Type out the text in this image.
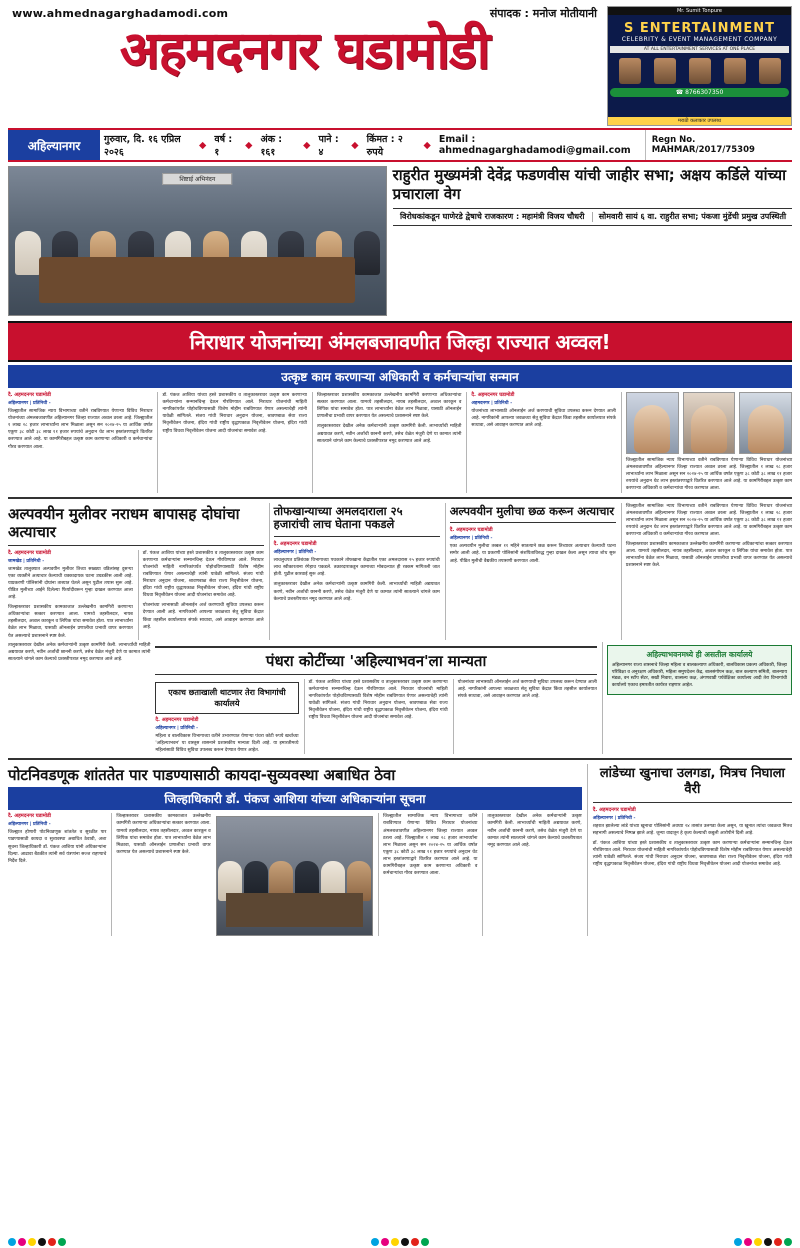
www.ahmednagarghadamodi.com	संपादक : मनोज मोतीयानी
अहमदनगर घडामोडी
Mr. Sumit Tonpure
S ENTERTAINMENT
CELEBRITY & EVENT MANAGEMENT COMPANY
AT ALL ENTERTAINMENT SERVICES AT ONE PLACE
☎ 8766307350
मराठी कलाकार उपलब्ध
अहिल्यानगर	गुरुवार, दि. १६ एप्रिल २०२६
◆ वर्ष : १
◆ अंक : १६१
◆ पाने : ४
◆ किंमत : २ रुपये
◆ Email : ahmednagarghadamodi@gmail.com
Regn No. MAHMAR/2017/75309
शिष्टाई अभिनंदन	राहुरीत मुख्यमंत्री देवेंद्र फडणवीस यांची जाहीर सभा; अक्षय कर्डिले यांच्या प्रचाराला वेग
विरोधकांकडून घाणेरडे द्वेषाचे राजकारण : महामंत्री विजय चौधरी	सोमवारी सायं ६ वा. राहुरीत सभा; पंकजा मुंडेंची प्रमुख उपस्थिती
निराधार योजनांच्या अंमलबजावणीत जिल्हा राज्यात अव्वल!
उत्कृष्ट काम करणाऱ्या अधिकारी व कर्मचाऱ्यांचा सन्मान
दै. अहमदनगर घडामोडी
अहिल्यानगर | प्रतिनिधी -
जिल्ह्यातील सामाजिक न्याय विभागाच्या वतीने राबविण्यात येणाऱ्या विविध निराधार योजनांच्या अंमलबजावणीत अहिल्यानगर जिल्हा राज्यात अव्वल ठरला आहे. जिल्ह्यातील १ लाख २८ हजार लाभार्थ्यांना लाभ मिळाला असून सन २०२४-२५ या आर्थिक वर्षात एकूण ३८ कोटी ३८ लाख ११ हजार रुपयांचे अनुदान थेट लाभ हस्तांतरणाद्वारे वितरित करण्यात आले आहे. या कामगिरीबद्दल उत्कृष्ट काम करणाऱ्या अधिकारी व कर्मचाऱ्यांचा गौरव करण्यात आला.
डॉ. पंकज आशिया यांच्या हस्ते प्रशासकीय व तालुकास्तरावर उत्कृष्ट काम करणाऱ्या कर्मचाऱ्यांना सन्मानचिन्ह देऊन गौरविण्यात आले. निराधार योजनांची माहिती नागरिकांपर्यंत पोहोचविण्यासाठी विशेष मोहीम राबविण्यात येणार असल्याचेही त्यांनी यावेळी सांगितले. संजय गांधी निराधार अनुदान योजना, श्रावणबाळ सेवा राज्य निवृत्तीवेतन योजना, इंदिरा गांधी राष्ट्रीय वृद्धापकाळ निवृत्तीवेतन योजना, इंदिरा गांधी राष्ट्रीय विधवा निवृत्तीवेतन योजना आदी योजनांचा समावेश आहे.
जिल्हास्तरावर प्रशासकीय कामकाजात उल्लेखनीय कामगिरी करणाऱ्या अधिकाऱ्यांचा सत्कार करण्यात आला. यामध्ये तहसीलदार, नायब तहसीलदार, अव्वल कारकून व लिपिक यांचा समावेश होता. पात्र लाभार्थ्यांना वेळेत लाभ मिळावा, यासाठी ऑनलाईन प्रणालीचा प्रभावी वापर करण्यात येत असल्याचे प्रशासनाने स्पष्ट केले.
तालुकास्तरावर देखील अनेक कर्मचाऱ्यांनी उत्कृष्ट कामगिरी केली. लाभार्थ्यांची माहिती अद्ययावत करणे, नवीन अर्जांची छाननी करणे, तसेच वेळेत मंजुरी देणे या कामात त्यांनी सातत्याने चांगले काम केल्याचे प्रशस्तीपत्रात नमूद करण्यात आले आहे.
दै. अहमदनगर घडामोडी
अहमदनगर | प्रतिनिधी -
योजनांच्या लाभासाठी ऑनलाईन अर्ज करण्याची सुविधा उपलब्ध करून देण्यात आली आहे. नागरिकांनी आपल्या जवळच्या सेतू सुविधा केंद्रात किंवा तहसील कार्यालयात संपर्क साधावा, असे आवाहन करण्यात आले आहे.
जिल्ह्यातील सामाजिक न्याय विभागाच्या वतीने राबविण्यात येणाऱ्या विविध निराधार योजनांच्या अंमलबजावणीत अहिल्यानगर जिल्हा राज्यात अव्वल ठरला आहे. जिल्ह्यातील १ लाख २८ हजार लाभार्थ्यांना लाभ मिळाला असून सन २०२४-२५ या आर्थिक वर्षात एकूण ३८ कोटी ३८ लाख ११ हजार रुपयांचे अनुदान थेट लाभ हस्तांतरणाद्वारे वितरित करण्यात आले आहे. या कामगिरीबद्दल उत्कृष्ट काम करणाऱ्या अधिकारी व कर्मचाऱ्यांचा गौरव करण्यात आला.
अल्पवयीन मुलीवर नराधम बापासह दोघांचा अत्याचार
दै. अहमदनगर घडामोडी
जामखेड | प्रतिनिधी -
जामखेड तालुक्यात अल्पवयीन मुलीवर तिच्या सख्ख्या वडिलांसह दुसऱ्या एका व्यक्तीने अत्याचार केल्याची धक्कादायक घटना उघडकीस आली आहे. याप्रकरणी पोलिसांनी दोघांना ताब्यात घेतले असून पुढील तपास सुरू आहे. पीडित मुलीच्या आईने दिलेल्या फिर्यादीवरून गुन्हा दाखल करण्यात आला आहे.
जिल्हास्तरावर प्रशासकीय कामकाजात उल्लेखनीय कामगिरी करणाऱ्या अधिकाऱ्यांचा सत्कार करण्यात आला. यामध्ये तहसीलदार, नायब तहसीलदार, अव्वल कारकून व लिपिक यांचा समावेश होता. पात्र लाभार्थ्यांना वेळेत लाभ मिळावा, यासाठी ऑनलाईन प्रणालीचा प्रभावी वापर करण्यात येत असल्याचे प्रशासनाने स्पष्ट केले.
डॉ. पंकज आशिया यांच्या हस्ते प्रशासकीय व तालुकास्तरावर उत्कृष्ट काम करणाऱ्या कर्मचाऱ्यांना सन्मानचिन्ह देऊन गौरविण्यात आले. निराधार योजनांची माहिती नागरिकांपर्यंत पोहोचविण्यासाठी विशेष मोहीम राबविण्यात येणार असल्याचेही त्यांनी यावेळी सांगितले. संजय गांधी निराधार अनुदान योजना, श्रावणबाळ सेवा राज्य निवृत्तीवेतन योजना, इंदिरा गांधी राष्ट्रीय वृद्धापकाळ निवृत्तीवेतन योजना, इंदिरा गांधी राष्ट्रीय विधवा निवृत्तीवेतन योजना आदी योजनांचा समावेश आहे.
योजनांच्या लाभासाठी ऑनलाईन अर्ज करण्याची सुविधा उपलब्ध करून देण्यात आली आहे. नागरिकांनी आपल्या जवळच्या सेतू सुविधा केंद्रात किंवा तहसील कार्यालयात संपर्क साधावा, असे आवाहन करण्यात आले आहे.
तोफखान्याच्या अमलदाराला २५ हजारांची लाच घेताना पकडले
दै. अहमदनगर घडामोडी
अहिल्यानगर | प्रतिनिधी -
लाचलुचपत प्रतिबंधक विभागाच्या पथकाने तोफखाना केंद्रातील एका अमलदारास २५ हजार रुपयांची लाच स्वीकारताना रंगेहाथ पकडले. तक्रारदाराकडून कामाच्या मोबदल्यात ही रक्कम मागितली जात होती. पुढील कारवाई सुरू आहे.
तालुकास्तरावर देखील अनेक कर्मचाऱ्यांनी उत्कृष्ट कामगिरी केली. लाभार्थ्यांची माहिती अद्ययावत करणे, नवीन अर्जांची छाननी करणे, तसेच वेळेत मंजुरी देणे या कामात त्यांनी सातत्याने चांगले काम केल्याचे प्रशस्तीपत्रात नमूद करण्यात आले आहे.
अल्पवयीन मुलीचा छळ करून अत्याचार
दै. अहमदनगर घडामोडी
अहिल्यानगर | प्रतिनिधी -
एका अल्पवयीन मुलीचा तब्बल ११ महिने सातत्याने छळ करून तिच्यावर अत्याचार केल्याची घटना समोर आली आहे. या प्रकरणी पोलिसांनी संशयिताविरुद्ध गुन्हा दाखल केला असून त्याचा शोध सुरू आहे. पीडित मुलीची वैद्यकीय तपासणी करण्यात आली.
जिल्ह्यातील सामाजिक न्याय विभागाच्या वतीने राबविण्यात येणाऱ्या विविध निराधार योजनांच्या अंमलबजावणीत अहिल्यानगर जिल्हा राज्यात अव्वल ठरला आहे. जिल्ह्यातील १ लाख २८ हजार लाभार्थ्यांना लाभ मिळाला असून सन २०२४-२५ या आर्थिक वर्षात एकूण ३८ कोटी ३८ लाख ११ हजार रुपयांचे अनुदान थेट लाभ हस्तांतरणाद्वारे वितरित करण्यात आले आहे. या कामगिरीबद्दल उत्कृष्ट काम करणाऱ्या अधिकारी व कर्मचाऱ्यांचा गौरव करण्यात आला.
जिल्हास्तरावर प्रशासकीय कामकाजात उल्लेखनीय कामगिरी करणाऱ्या अधिकाऱ्यांचा सत्कार करण्यात आला. यामध्ये तहसीलदार, नायब तहसीलदार, अव्वल कारकून व लिपिक यांचा समावेश होता. पात्र लाभार्थ्यांना वेळेत लाभ मिळावा, यासाठी ऑनलाईन प्रणालीचा प्रभावी वापर करण्यात येत असल्याचे प्रशासनाने स्पष्ट केले.
तालुकास्तरावर देखील अनेक कर्मचाऱ्यांनी उत्कृष्ट कामगिरी केली. लाभार्थ्यांची माहिती अद्ययावत करणे, नवीन अर्जांची छाननी करणे, तसेच वेळेत मंजुरी देणे या कामात त्यांनी सातत्याने चांगले काम केल्याचे प्रशस्तीपत्रात नमूद करण्यात आले आहे.	पंधरा कोटींच्या 'अहिल्याभवन'ला मान्यता
एकाच छताखाली थाटणार तेरा विभागांची कार्यालये
दै. अहमदनगर घडामोडी
अहिल्यानगर | प्रतिनिधी -
महिला व बालविकास विभागाच्या वतीने उभारण्यात येणाऱ्या पंधरा कोटी रुपये खर्चाच्या 'अहिल्याभवन' या वास्तूस शासनाने प्रशासकीय मान्यता दिली आहे. या इमारतीमध्ये महिलांसाठी विविध सुविधा उपलब्ध करून देण्यात येणार आहेत.
डॉ. पंकज आशिया यांच्या हस्ते प्रशासकीय व तालुकास्तरावर उत्कृष्ट काम करणाऱ्या कर्मचाऱ्यांना सन्मानचिन्ह देऊन गौरविण्यात आले. निराधार योजनांची माहिती नागरिकांपर्यंत पोहोचविण्यासाठी विशेष मोहीम राबविण्यात येणार असल्याचेही त्यांनी यावेळी सांगितले. संजय गांधी निराधार अनुदान योजना, श्रावणबाळ सेवा राज्य निवृत्तीवेतन योजना, इंदिरा गांधी राष्ट्रीय वृद्धापकाळ निवृत्तीवेतन योजना, इंदिरा गांधी राष्ट्रीय विधवा निवृत्तीवेतन योजना आदी योजनांचा समावेश आहे.
योजनांच्या लाभासाठी ऑनलाईन अर्ज करण्याची सुविधा उपलब्ध करून देण्यात आली आहे. नागरिकांनी आपल्या जवळच्या सेतू सुविधा केंद्रात किंवा तहसील कार्यालयात संपर्क साधावा, असे आवाहन करण्यात आले आहे.
अहिल्याभवनमध्ये ही असतील कार्यालये

अहिल्यानगर राज्य शासनाचे जिल्हा महिला व बालकल्याण अधिकारी, बालविकास प्रकल्प अधिकारी, जिल्हा परिविक्षा व अनुरक्षण अधिकारी, महिला समुपदेशन केंद्र, बालसंगोपन कक्ष, बाल कल्याण समिती, बालन्याय मंडळ, वन स्टॉप सेंटर, सखी निवारा, वात्सल्य कक्ष, अंगणवाडी पर्यवेक्षिका कार्यालय आदी तेरा विभागांची कार्यालये एकाच इमारतीत कार्यरत राहणार आहेत.

पोटनिवडणूक शांततेत पार पाडण्यासाठी कायदा-सुव्यवस्था अबाधित ठेवा
जिल्हाधिकारी डॉ. पंकज आशिया यांच्या अधिकाऱ्यांना सूचना
दै. अहमदनगर घडामोडी
अहिल्यानगर | प्रतिनिधी -
जिल्ह्यात होणारी पोटनिवडणूक शांततेत व सुरळीत पार पाडण्यासाठी कायदा व सुव्यवस्था अबाधित ठेवावी, अशा सूचना जिल्हाधिकारी डॉ. पंकज आशिया यांनी अधिकाऱ्यांना दिल्या. आढावा बैठकीत त्यांनी सर्व यंत्रणांना सज्ज राहण्याचे निर्देश दिले.
जिल्हास्तरावर प्रशासकीय कामकाजात उल्लेखनीय कामगिरी करणाऱ्या अधिकाऱ्यांचा सत्कार करण्यात आला. यामध्ये तहसीलदार, नायब तहसीलदार, अव्वल कारकून व लिपिक यांचा समावेश होता. पात्र लाभार्थ्यांना वेळेत लाभ मिळावा, यासाठी ऑनलाईन प्रणालीचा प्रभावी वापर करण्यात येत असल्याचे प्रशासनाने स्पष्ट केले.
जिल्ह्यातील सामाजिक न्याय विभागाच्या वतीने राबविण्यात येणाऱ्या विविध निराधार योजनांच्या अंमलबजावणीत अहिल्यानगर जिल्हा राज्यात अव्वल ठरला आहे. जिल्ह्यातील १ लाख २८ हजार लाभार्थ्यांना लाभ मिळाला असून सन २०२४-२५ या आर्थिक वर्षात एकूण ३८ कोटी ३८ लाख ११ हजार रुपयांचे अनुदान थेट लाभ हस्तांतरणाद्वारे वितरित करण्यात आले आहे. या कामगिरीबद्दल उत्कृष्ट काम करणाऱ्या अधिकारी व कर्मचाऱ्यांचा गौरव करण्यात आला.
तालुकास्तरावर देखील अनेक कर्मचाऱ्यांनी उत्कृष्ट कामगिरी केली. लाभार्थ्यांची माहिती अद्ययावत करणे, नवीन अर्जांची छाननी करणे, तसेच वेळेत मंजुरी देणे या कामात त्यांनी सातत्याने चांगले काम केल्याचे प्रशस्तीपत्रात नमूद करण्यात आले आहे.
लांडेच्या खुनाचा उलगडा, मित्रच निघाला वैरी
दै. अहमदनगर घडामोडी
अहिल्यानगर | प्रतिनिधी -
शहरात झालेल्या लांडे यांच्या खुनाचा पोलिसांनी अवघ्या २४ तासांत उलगडा केला असून, या खुनात त्यांचा जवळचा मित्रच सहभागी असल्याचे निष्पन्न झाले आहे. जुन्या वादातून हे कृत्य केल्याची कबुली आरोपीने दिली आहे.
डॉ. पंकज आशिया यांच्या हस्ते प्रशासकीय व तालुकास्तरावर उत्कृष्ट काम करणाऱ्या कर्मचाऱ्यांना सन्मानचिन्ह देऊन गौरविण्यात आले. निराधार योजनांची माहिती नागरिकांपर्यंत पोहोचविण्यासाठी विशेष मोहीम राबविण्यात येणार असल्याचेही त्यांनी यावेळी सांगितले. संजय गांधी निराधार अनुदान योजना, श्रावणबाळ सेवा राज्य निवृत्तीवेतन योजना, इंदिरा गांधी राष्ट्रीय वृद्धापकाळ निवृत्तीवेतन योजना, इंदिरा गांधी राष्ट्रीय विधवा निवृत्तीवेतन योजना आदी योजनांचा समावेश आहे.
